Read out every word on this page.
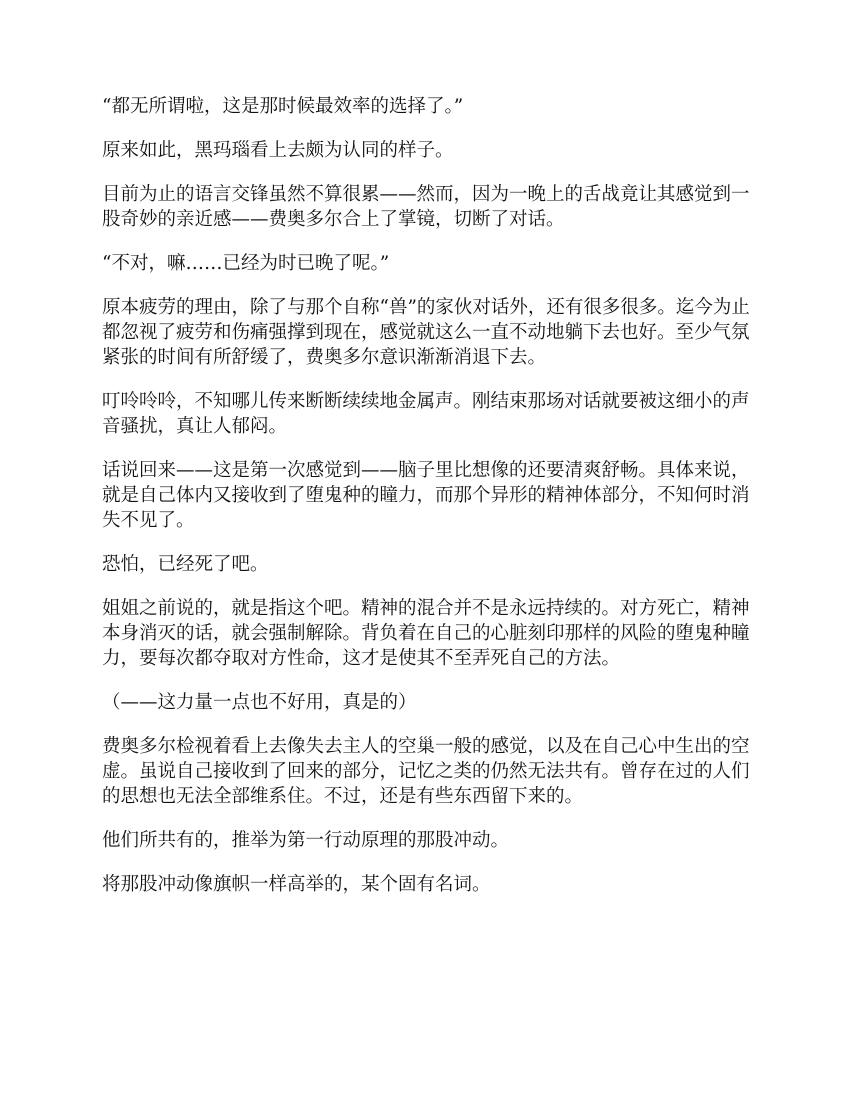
“都无所谓啦，这是那时候最效率的选择了。”

原来如此，黑玛瑙看上去颇为认同的样子。

目前为止的语言交锋虽然不算很累——然而，因为一晚上的舌战竟让其感觉到一股奇妙的亲近感——费奥多尔合上了掌镜，切断了对话。

“不对，嘛……已经为时已晚了呢。”

原本疲劳的理由，除了与那个自称“兽”的家伙对话外，还有很多很多。迄今为止都忽视了疲劳和伤痛强撑到现在，感觉就这么一直不动地躺下去也好。至少气氛紧张的时间有所舒缓了，费奥多尔意识渐渐消退下去。

叮呤呤呤，不知哪儿传来断断续续地金属声。刚结束那场对话就要被这细小的声音骚扰，真让人郁闷。

话说回来——这是第一次感觉到——脑子里比想像的还要清爽舒畅。具体来说，就是自己体内又接收到了堕鬼种的瞳力，而那个异形的精神体部分，不知何时消失不见了。

恐怕，已经死了吧。

姐姐之前说的，就是指这个吧。精神的混合并不是永远持续的。对方死亡，精神本身消灭的话，就会强制解除。背负着在自己的心脏刻印那样的风险的堕鬼种瞳力，要每次都夺取对方性命，这才是使其不至弄死自己的方法。

（——这力量一点也不好用，真是的）

费奥多尔检视着看上去像失去主人的空巢一般的感觉，以及在自己心中生出的空虚。虽说自己接收到了回来的部分，记忆之类的仍然无法共有。曾存在过的人们的思想也无法全部维系住。不过，还是有些东西留下来的。

他们所共有的，推举为第一行动原理的那股冲动。

将那股冲动像旗帜一样高举的，某个固有名词。
